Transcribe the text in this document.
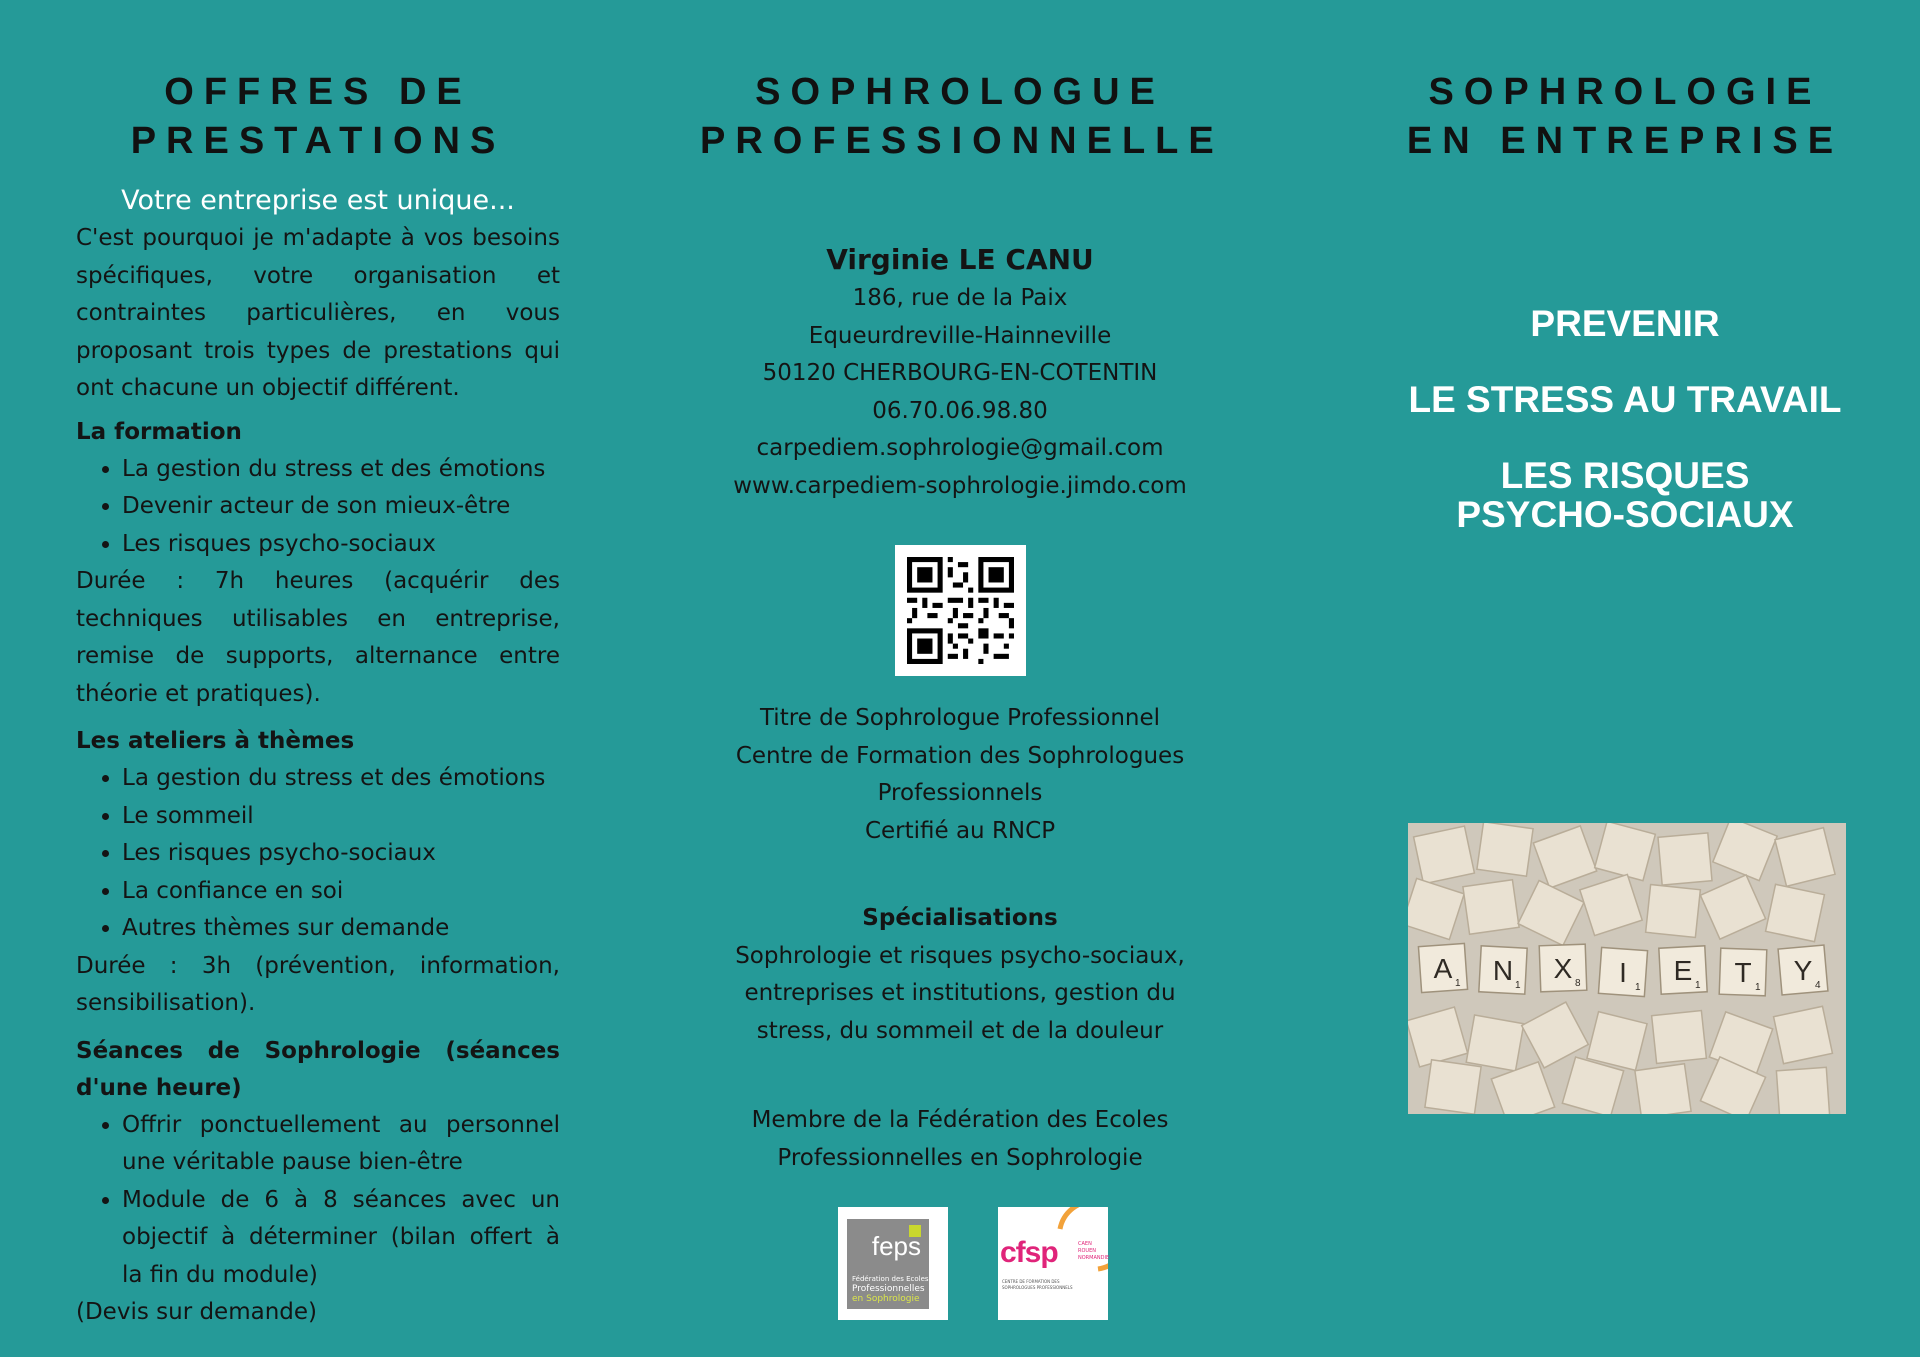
OFFRES DE
PRESTATIONS
Votre entreprise est unique...
C'est pourquoi je m'adapte à vos besoins
spécifiques, votre organisation et
contraintes particulières, en vous
proposant trois types de prestations qui
ont chacune un objectif différent.
La formation
• La gestion du stress et des émotions
• Devenir acteur de son mieux-être
• Les risques psycho-sociaux
Durée : 7h heures (acquérir des
techniques utilisables en entreprise,
remise de supports, alternance entre
théorie et pratiques).
Les ateliers à thèmes
• La gestion du stress et des émotions
• Le sommeil
• Les risques psycho-sociaux
• La confiance en soi
• Autres thèmes sur demande
Durée : 3h (prévention, information,
sensibilisation).
Séances de Sophrologie (séances
d'une heure)
• Offrir ponctuellement au personnel
une véritable pause bien-être
• Module de 6 à 8 séances avec un
objectif à déterminer (bilan offert à
la fin du module)
(Devis sur demande)
SOPHROLOGUE
PROFESSIONNELLE
Virginie LE CANU
186, rue de la Paix
Equeurdreville-Hainneville
50120 CHERBOURG-EN-COTENTIN
06.70.06.98.80
carpediem.sophrologie@gmail.com
www.carpediem-sophrologie.jimdo.com
Titre de Sophrologue Professionnel
Centre de Formation des Sophrologues
Professionnels
Certifié au RNCP
Spécialisations
Sophrologie et risques psycho-sociaux,
entreprises et institutions, gestion du
stress, du sommeil et de la douleur
Membre de la Fédération des Ecoles
Professionnelles en Sophrologie
feps
Fédération des Ecoles
Professionnelles
en Sophrologie
cfsp	CAEN
ROUEN
NORMANDIE
CENTRE DE FORMATION DES SOPHROLOGUES PROFESSIONNELS
SOPHROLOGIE
EN ENTREPRISE
PREVENIR
LE STRESS AU TRAVAIL
LES RISQUES
PSYCHO-SOCIAUX
A N X I E T Y
1	1	8	1	1	1	4
